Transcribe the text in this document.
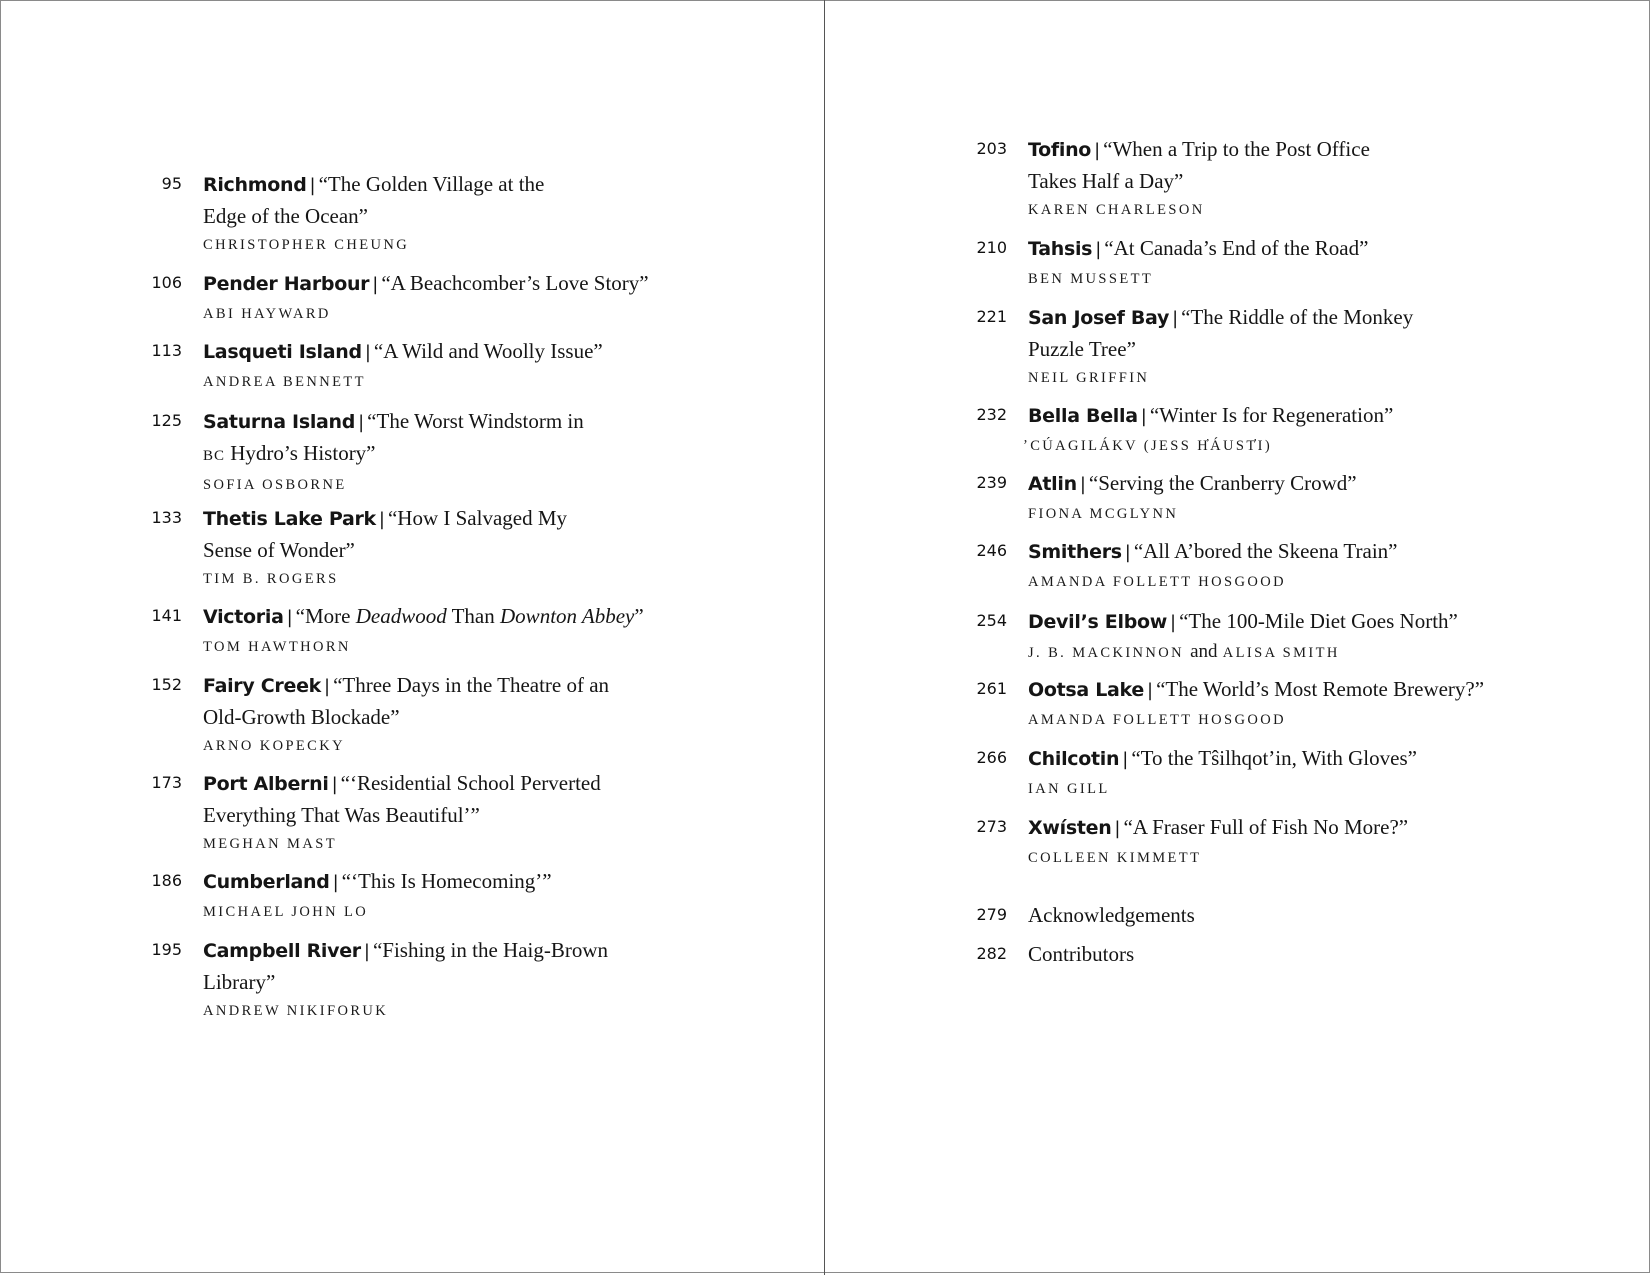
95 Richmond | “The Golden Village at the
Edge of the Ocean”
CHRISTOPHER CHEUNG
106 Pender Harbour | “A Beachcomber’s Love Story”
ABI HAYWARD
113 Lasqueti Island | “A Wild and Woolly Issue”
ANDREA BENNETT
125 Saturna Island | “The Worst Windstorm in
BC Hydro’s History”
SOFIA OSBORNE
133 Thetis Lake Park | “How I Salvaged My
Sense of Wonder”
TIM B. ROGERS
141 Victoria | “More Deadwood Than Downton Abbey”
TOM HAWTHORN
152 Fairy Creek | “Three Days in the Theatre of an
Old-Growth Blockade”
ARNO KOPECKY
173 Port Alberni | “‘Residential School Perverted
Everything That Was Beautiful’”
MEGHAN MAST
186 Cumberland | “‘This Is Homecoming’”
MICHAEL JOHN LO
195 Campbell River | “Fishing in the Haig-Brown
Library”
ANDREW NIKIFORUK
203 Tofino | “When a Trip to the Post Office
Takes Half a Day”
KAREN CHARLESON
210 Tahsis | “At Canada’s End of the Road”
BEN MUSSETT
221 San Josef Bay | “The Riddle of the Monkey
Puzzle Tree”
NEIL GRIFFIN
232 Bella Bella | “Winter Is for Regeneration”
ʼCÚAGILÁKV (JESS H̓ÁUST̓I)
239 Atlin | “Serving the Cranberry Crowd”
FIONA MCGLYNN
246 Smithers | “All A’bored the Skeena Train”
AMANDA FOLLETT HOSGOOD
254 Devil’s Elbow | “The 100-Mile Diet Goes North”
J. B. MACKINNON and ALISA SMITH
261 Ootsa Lake | “The World’s Most Remote Brewery?”
AMANDA FOLLETT HOSGOOD
266 Chilcotin | “To the Tŝilhqot’in, With Gloves”
IAN GILL
273 Xwísten | “A Fraser Full of Fish No More?”
COLLEEN KIMMETT
279 Acknowledgements
282 Contributors
